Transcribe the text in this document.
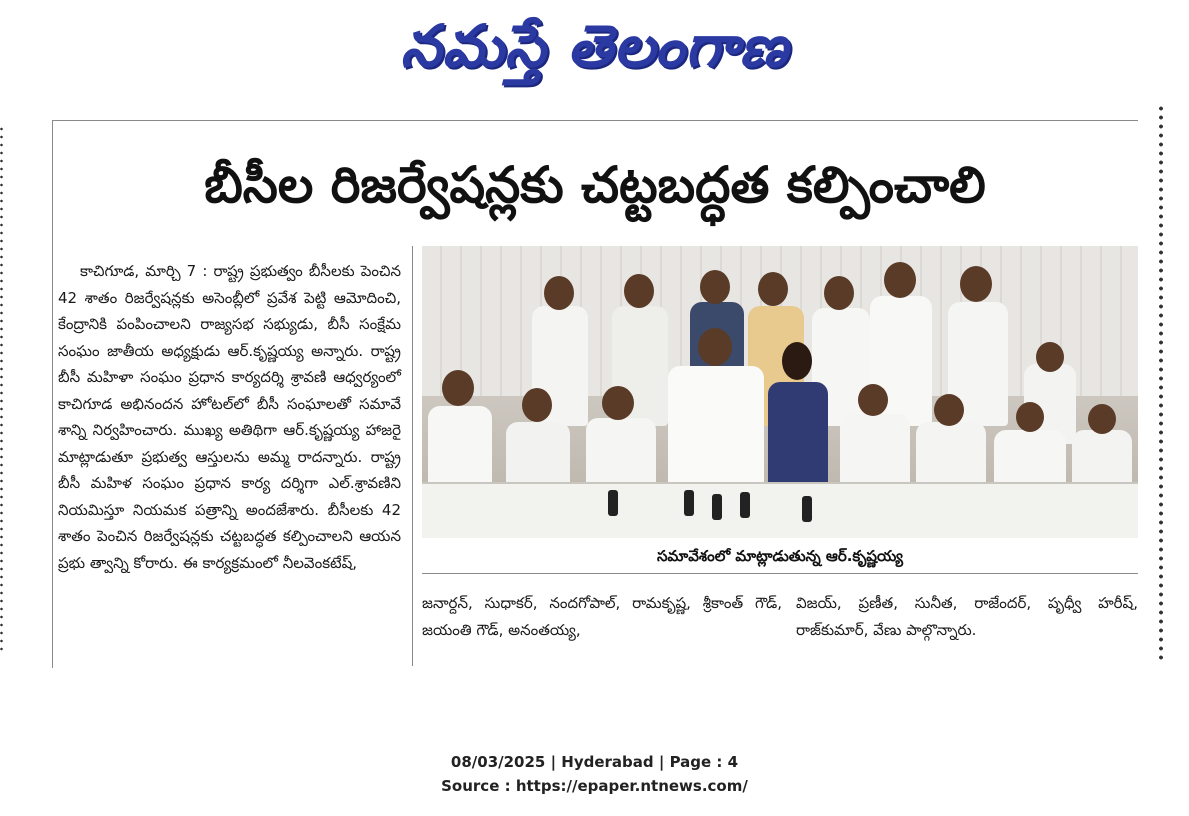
నమస్తే తెలంగాణ
బీసీల రిజర్వేషన్లకు చట్టబద్ధత కల్పించాలి
కాచిగూడ, మార్చి 7 : రాష్ట్ర ప్రభుత్వం బీసీలకు పెంచిన 42 శాతం రిజర్వేషన్లకు అసెంబ్లీలో ప్రవేశ పెట్టి ఆమోదించి, కేంద్రానికి పంపించాలని రాజ్యసభ సభ్యుడు, బీసీ సంక్షేమ సంఘం జాతీయ అధ్యక్షుడు ఆర్.కృష్ణయ్య అన్నారు. రాష్ట్ర బీసీ మహిళా సంఘం ప్రధాన కార్యదర్శి శ్రావణి ఆధ్వర్యంలో కాచిగూడ అభినందన హోటల్‌లో బీసీ సంఘాలతో సమావే శాన్ని నిర్వహించారు. ముఖ్య అతిథిగా ఆర్.కృష్ణయ్య హాజరై మాట్లాడుతూ ప్రభుత్వ ఆస్తులను అమ్మ రాదన్నారు. రాష్ట్ర బీసీ మహిళ సంఘం ప్రధాన కార్య దర్శిగా ఎల్.శ్రావణిని నియమిస్తూ నియమక పత్రాన్ని అందజేశారు. బీసీలకు 42 శాతం పెంచిన రిజర్వేషన్లకు చట్టబద్ధత కల్పించాలని ఆయన ప్రభు త్వాన్ని కోరారు. ఈ కార్యక్రమంలో నీలవెంకటేష్,	సమావేశంలో మాట్లాడుతున్న ఆర్.కృష్ణయ్య
జనార్దన్, సుధాకర్, నందగోపాల్, రామకృష్ణ, శ్రీకాంత్ గౌడ్, జయంతి గౌడ్, అనంతయ్య,
విజయ్, ప్రణీత, సునీత, రాజేందర్, పృధ్వీ హరీష్, రాజ్‌కుమార్, వేణు పాల్గొన్నారు.
08/03/2025 | Hyderabad | Page : 4
Source : https://epaper.ntnews.com/
